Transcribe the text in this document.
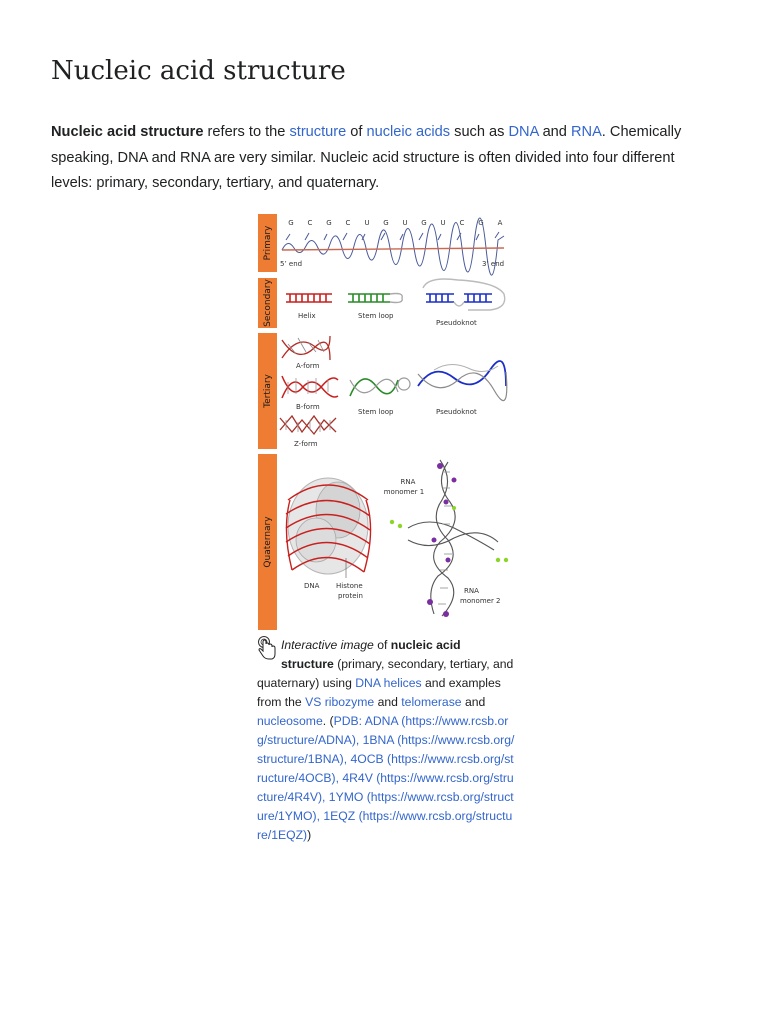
Nucleic acid structure

Nucleic acid structure refers to the structure of nucleic acids such as DNA and RNA. Chemically speaking, DNA and RNA are very similar. Nucleic acid structure is often divided into four different levels: primary, secondary, tertiary, and quaternary.

Primary
Secondary
Tertiary
Quaternary
G C G C U G U G U C G A
5’ end	3’ end
Helix	Stem loop
Pseudoknot
A-form
B-form
Z-form
Stem loop	Pseudoknot
DNA Histone
protein
RNA
monomer 1
RNA
monomer 2

Interactive image of nucleic acid structure (primary, secondary, tertiary, and quaternary) using DNA helices and examples from the VS ribozyme and telomerase and nucleosome. (PDB: ADNA (https://www.rcsb.org/structure/ADNA), 1BNA (https://www.rcsb.org/structure/1BNA), 4OCB (https://www.rcsb.org/structure/4OCB), 4R4V (https://www.rcsb.org/structure/4R4V), 1YMO (https://www.rcsb.org/structure/1YMO), 1EQZ (https://www.rcsb.org/structure/1EQZ))
